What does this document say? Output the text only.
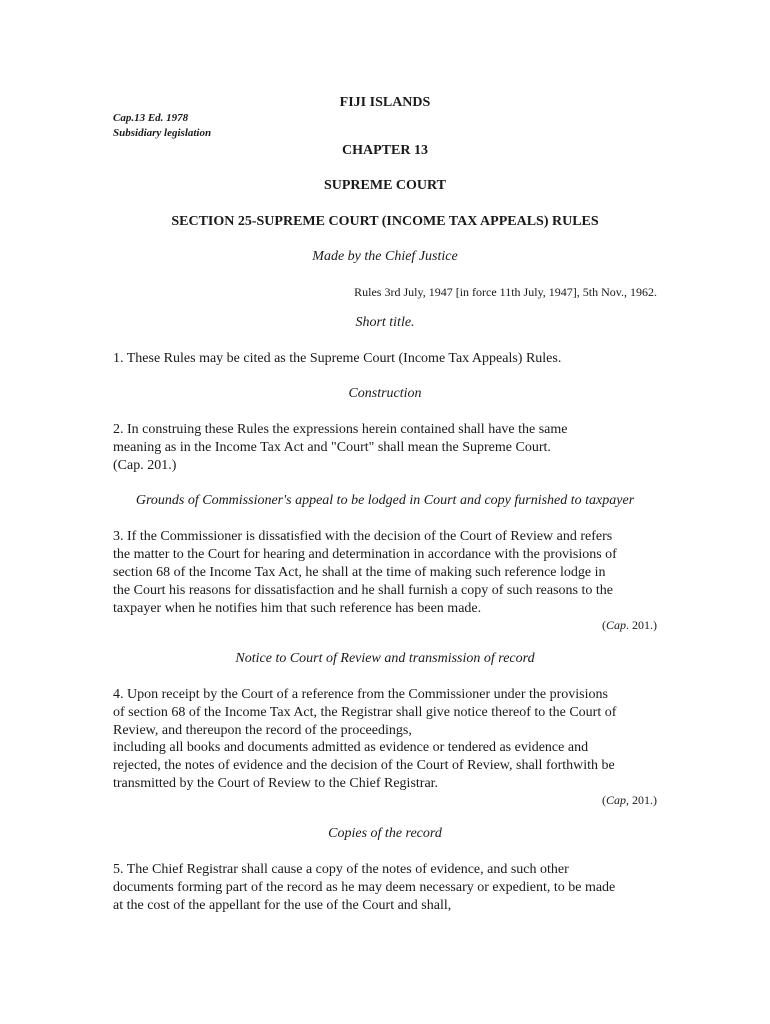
FIJI ISLANDS
Cap.13 Ed. 1978
Subsidiary legislation
CHAPTER 13
SUPREME COURT
SECTION 25-SUPREME COURT (INCOME TAX APPEALS) RULES
Made by the Chief Justice
Rules 3rd July, 1947 [in force 11th July, 1947], 5th Nov., 1962.
Short title.
1. These Rules may be cited as the Supreme Court (Income Tax Appeals) Rules.
Construction
2. In construing these Rules the expressions herein contained shall have the same
meaning as in the Income Tax Act and "Court" shall mean the Supreme Court.
(Cap. 201.)
Grounds of Commissioner's appeal to be lodged in Court and copy furnished to taxpayer
3. If the Commissioner is dissatisfied with the decision of the Court of Review and refers
the matter to the Court for hearing and determination in accordance with the provisions of
section 68 of the Income Tax Act, he shall at the time of making such reference lodge in
the Court his reasons for dissatisfaction and he shall furnish a copy of such reasons to the
taxpayer when he notifies him that such reference has been made.
(Cap. 201.)
Notice to Court of Review and transmission of record
4. Upon receipt by the Court of a reference from the Commissioner under the provisions
of section 68 of the Income Tax Act, the Registrar shall give notice thereof to the Court of
Review, and thereupon the record of the proceedings,
including all books and documents admitted as evidence or tendered as evidence and
rejected, the notes of evidence and the decision of the Court of Review, shall forthwith be
transmitted by the Court of Review to the Chief Registrar.
(Cap, 201.)
Copies of the record
5. The Chief Registrar shall cause a copy of the notes of evidence, and such other
documents forming part of the record as he may deem necessary or expedient, to be made
at the cost of the appellant for the use of the Court and shall,
